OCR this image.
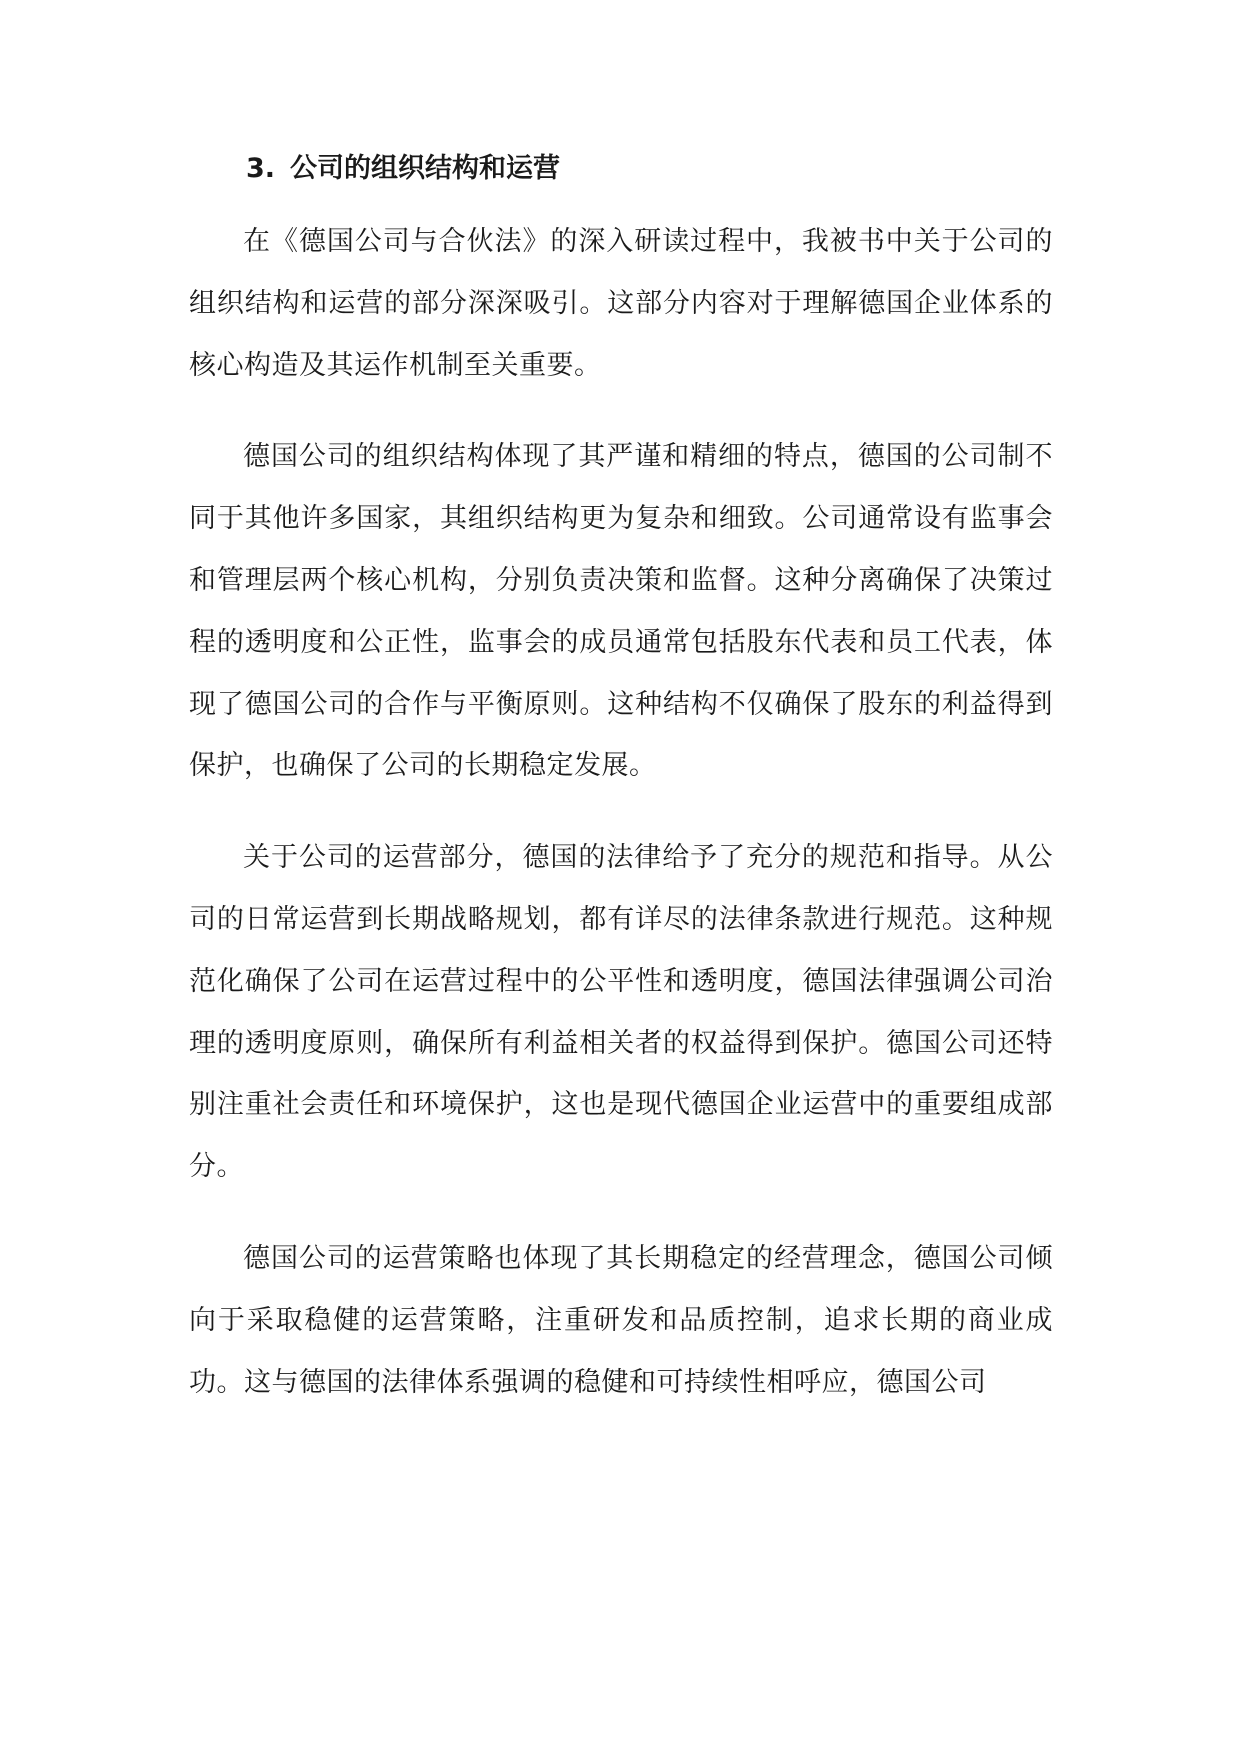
3. 公司的组织结构和运营

在《德国公司与合伙法》的深入研读过程中，我被书中关于公司的组织结构和运营的部分深深吸引。这部分内容对于理解德国企业体系的核心构造及其运作机制至关重要。

德国公司的组织结构体现了其严谨和精细的特点，德国的公司制不同于其他许多国家，其组织结构更为复杂和细致。公司通常设有监事会和管理层两个核心机构，分别负责决策和监督。这种分离确保了决策过程的透明度和公正性，监事会的成员通常包括股东代表和员工代表，体现了德国公司的合作与平衡原则。这种结构不仅确保了股东的利益得到保护，也确保了公司的长期稳定发展。

关于公司的运营部分，德国的法律给予了充分的规范和指导。从公司的日常运营到长期战略规划，都有详尽的法律条款进行规范。这种规范化确保了公司在运营过程中的公平性和透明度，德国法律强调公司治理的透明度原则，确保所有利益相关者的权益得到保护。德国公司还特别注重社会责任和环境保护，这也是现代德国企业运营中的重要组成部分。

德国公司的运营策略也体现了其长期稳定的经营理念，德国公司倾向于采取稳健的运营策略，注重研发和品质控制，追求长期的商业成功。这与德国的法律体系强调的稳健和可持续性相呼应，德国公司
